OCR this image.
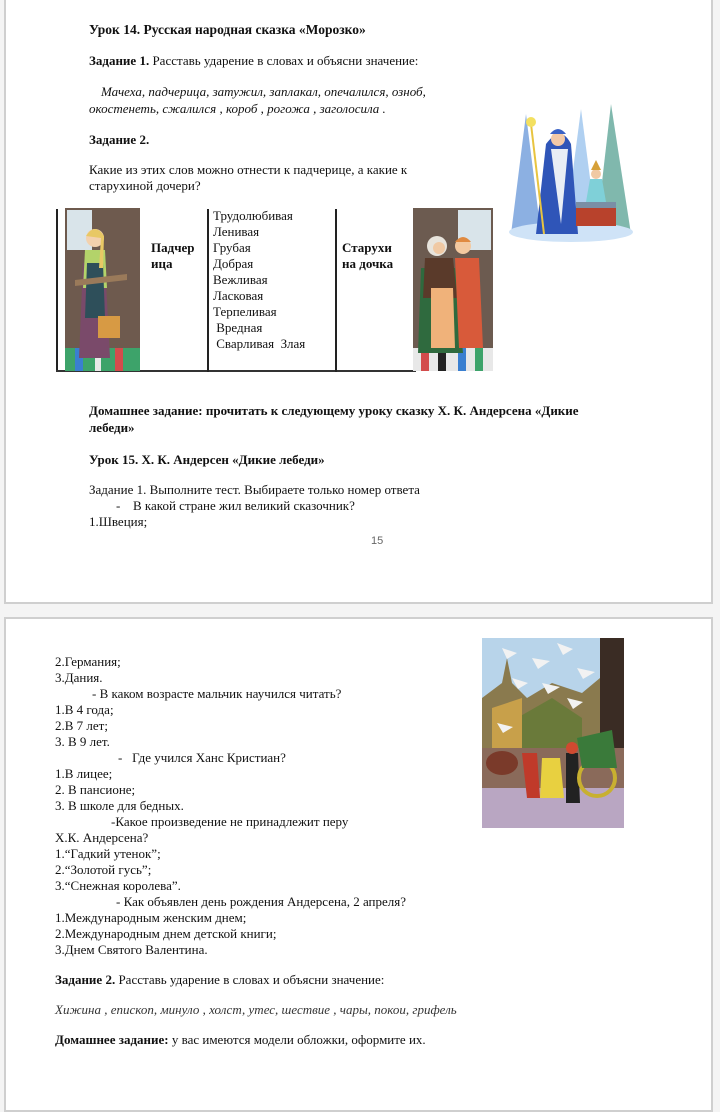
Урок 14. Русская народная сказка «Морозко»
Задание 1. Расставь ударение в словах и объясни значение:
Мачеха, падчерица, затужил, заплакал, опечалился, озноб,
окостенеть, сжалился , короб , рогожа , заголосила .
Задание 2.
Какие из этих слов можно отнести к падчерице, а какие к
старухиной дочери?
Падчер
ица
Трудолюбивая
Ленивая
Грубая
Добрая
Вежливая
Ласковая
Терпеливая
Вредная
Сварливая  Злая
Старухи
на дочка
Домашнее задание: прочитать к следующему уроку сказку Х. К. Андерсена «Дикие
лебеди»
Урок 15. Х. К. Андерсен «Дикие лебеди»
Задание 1. Выполните тест. Выбираете только номер ответа
- В какой стране жил великий сказочник?
1.Швеция;
15
2.Германия;
3.Дания.
- В каком возрасте мальчик научился читать?
1.В 4 года;
2.В 7 лет;
3. В 9 лет.
-   Где учился Ханс Кристиан?
1.В лицее;
2. В пансионе;
3. В школе для бедных.
-Какое произведение не принадлежит перу
Х.К. Андерсена?
1.“Гадкий утенок”;
2.“Золотой гусь”;
3.“Снежная королева”.
- Как объявлен день рождения Андерсена, 2 апреля?
1.Международным женским днем;
2.Международным днем детской книги;
3.Днем Святого Валентина.
Задание 2. Расставь ударение в словах и объясни значение:
Хижина , епископ, минуло , холст, утес, шествие , чары, покои, грифель
Домашнее задание: у вас имеются модели обложки, оформите их.
